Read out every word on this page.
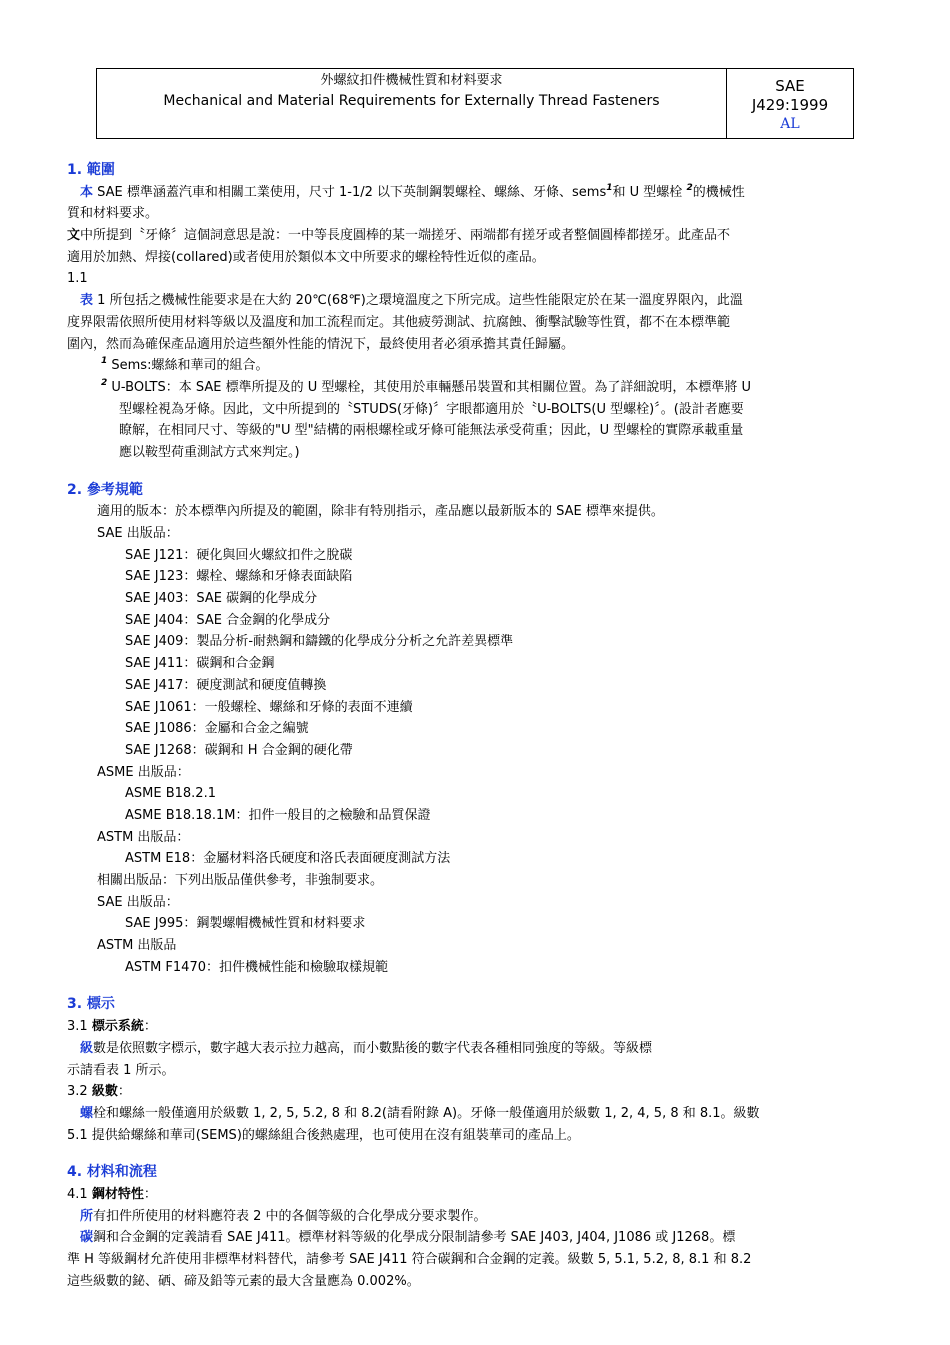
外螺紋扣件機械性質和材料要求
Mechanical and Material Requirements for Externally Thread Fasteners
SAE
J429:1999
AL
1. 範圍
 本 SAE 標準涵蓋汽車和相關工業使用，尺寸 1-1/2 以下英制鋼製螺栓、螺絲、牙條、sems$^1$和 U 型螺栓 $^2$的機械性
質和材料要求。
文中所提到〝牙條〞這個詞意思是說：一中等長度圓棒的某一端搓牙、兩端都有搓牙或者整個圓棒都搓牙。此產品不
適用於加熱、焊接(collared)或者使用於類似本文中所要求的螺栓特性近似的產品。
1.1
 表 1 所包括之機械性能要求是在大約 20℃(68℉)之環境溫度之下所完成。這些性能限定於在某一溫度界限內，此溫
度界限需依照所使用材料等級以及溫度和加工流程而定。其他疲勞測試、抗腐蝕、衝擊試驗等性質，都不在本標準範
圍內，然而為確保產品適用於這些額外性能的情況下，最終使用者必須承擔其責任歸屬。
$^1$ Sems:螺絲和華司的組合。
$^2$ U-BOLTS：本 SAE 標準所提及的 U 型螺栓，其使用於車輛懸吊裝置和其相關位置。為了詳細說明，本標準將 U
型螺栓視為牙條。因此，文中所提到的〝STUDS(牙條)〞字眼都適用於〝U-BOLTS(U 型螺栓)〞。(設計者應要
瞭解，在相同尺寸、等級的"U 型"結構的兩根螺栓或牙條可能無法承受荷重；因此，U 型螺栓的實際承載重量
應以鞍型荷重測試方式來判定。)
2. 參考規範
適用的版本：於本標準內所提及的範圍，除非有特別指示，產品應以最新版本的 SAE 標準來提供。
SAE 出版品：
SAE J121：硬化與回火螺紋扣件之脫碳
SAE J123：螺栓、螺絲和牙條表面缺陷
SAE J403：SAE 碳鋼的化學成分
SAE J404：SAE 合金鋼的化學成分
SAE J409：製品分析-耐熱鋼和鑄鐵的化學成分分析之允許差異標準
SAE J411：碳鋼和合金鋼
SAE J417：硬度測試和硬度值轉換
SAE J1061：一般螺栓、螺絲和牙條的表面不連續
SAE J1086：金屬和合金之編號
SAE J1268：碳鋼和 H 合金鋼的硬化帶
ASME 出版品：
ASME B18.2.1
ASME B18.18.1M：扣件一般目的之檢驗和品質保證
ASTM 出版品：
ASTM E18：金屬材料洛氏硬度和洛氏表面硬度測試方法
相關出版品：下列出版品僅供參考，非強制要求。
SAE 出版品：
SAE J995：鋼製螺帽機械性質和材料要求
ASTM 出版品
ASTM F1470：扣件機械性能和檢驗取樣規範
3. 標示
3.1 標示系統：
 級數是依照數字標示，數字越大表示拉力越高，而小數點後的數字代表各種相同強度的等級。等級標
示請看表 1 所示。
3.2 級數：
 螺栓和螺絲一般僅適用於級數 1, 2, 5, 5.2, 8 和 8.2(請看附錄 A)。牙條一般僅適用於級數 1, 2, 4, 5, 8 和 8.1。級數
5.1 提供給螺絲和華司(SEMS)的螺絲組合後熱處理，也可使用在沒有組裝華司的產品上。
4. 材料和流程
4.1 鋼材特性：
 所有扣件所使用的材料應符表 2 中的各個等級的合化學成分要求製作。
 碳鋼和合金鋼的定義請看 SAE J411。標準材料等級的化學成分限制請參考 SAE J403, J404, J1086 或 J1268。標
準 H 等級鋼材允許使用非標準材料替代，請參考 SAE J411 符合碳鋼和合金鋼的定義。級數 5, 5.1, 5.2, 8, 8.1 和 8.2
這些級數的鉍、硒、碲及鉛等元素的最大含量應為 0.002%。
